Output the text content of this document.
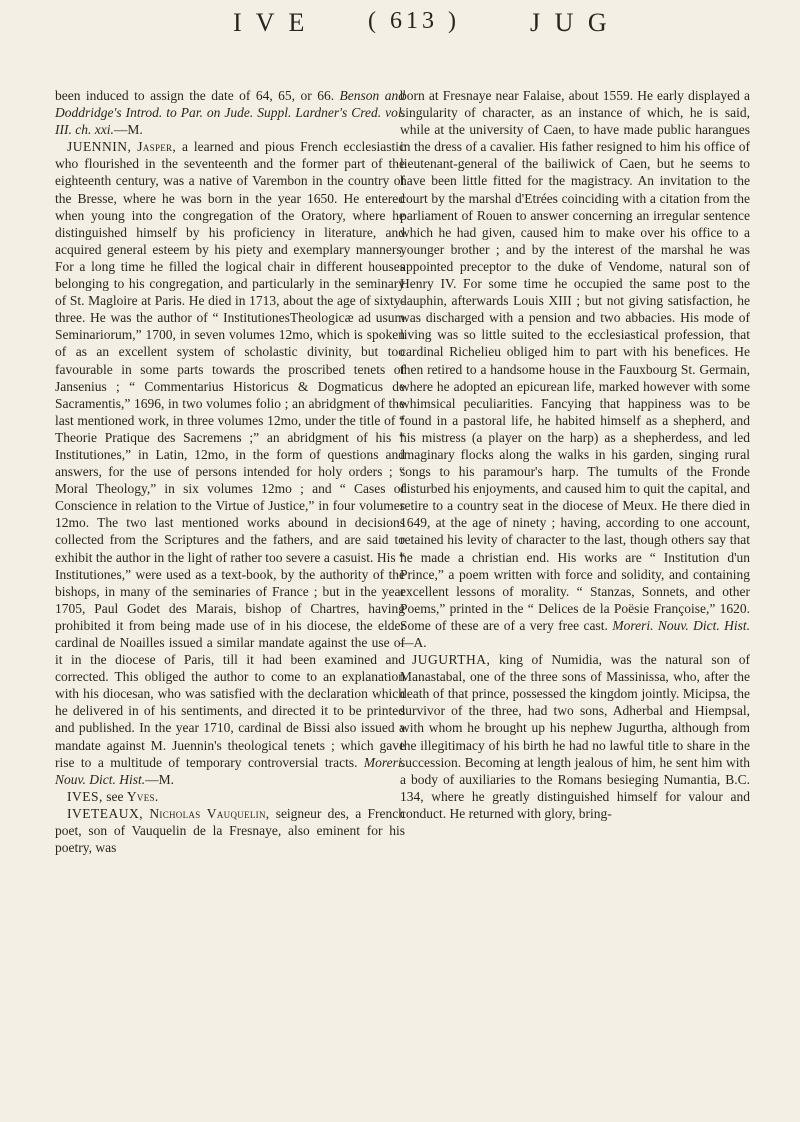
I V E ( 613 )	J U G

been induced to assign the date of 64, 65, or 66. Benson and Doddridge's Introd. to Par. on Jude. Suppl. Lardner's Cred. vol. III. ch. xxi.—M.

JUENNIN, Jasper, a learned and pious French ecclesiastic who flourished in the seventeenth and the former part of the eighteenth century, was a native of Varembon in the country of the Bresse, where he was born in the year 1650. He entered when young into the congregation of the Oratory, where he distinguished himself by his proficiency in literature, and acquired general esteem by his piety and exemplary manners. For a long time he filled the logical chair in different houses belonging to his congregation, and particularly in the seminary of St. Magloire at Paris. He died in 1713, about the age of sixty-three. He was the author of “ InstitutionesTheologicæ ad usum Seminariorum,” 1700, in seven volumes 12mo, which is spoken of as an excellent system of scholastic divinity, but too favourable in some parts towards the proscribed tenets of Jansenius ; “ Commentarius Historicus & Dogmaticus de Sacramentis,” 1696, in two volumes folio ; an abridgment of the last mentioned work, in three volumes 12mo, under the title of “ Theorie Pratique des Sacremens ;” an abridgment of his “ Institutiones,” in Latin, 12mo, in the form of questions and answers, for the use of persons intended for holy orders ; “ Moral Theology,” in six volumes 12mo ; and “ Cases of Conscience in relation to the Virtue of Justice,” in four volumes 12mo. The two last mentioned works abound in decisions collected from the Scriptures and the fathers, and are said to exhibit the author in the light of rather too severe a casuist. His “ Institutiones,” were used as a text-book, by the authority of the bishops, in many of the seminaries of France ; but in the year 1705, Paul Godet des Marais, bishop of Chartres, having prohibited it from being made use of in his diocese, the elder cardinal de Noailles issued a similar mandate against the use of it in the diocese of Paris, till it had been examined and corrected. This obliged the author to come to an explanation with his diocesan, who was satisfied with the declaration which he delivered in of his sentiments, and directed it to be printed and published. In the year 1710, cardinal de Bissi also issued a mandate against M. Juennin's theological tenets ; which gave rise to a multitude of temporary controversial tracts. Moreri. Nouv. Dict. Hist.—M.

IVES, see Yves.

IVETEAUX, Nicholas Vauquelin, seigneur des, a French poet, son of Vauquelin de la Fresnaye, also eminent for his poetry, was

born at Fresnaye near Falaise, about 1559. He early displayed a singularity of character, as an instance of which, he is said, while at the university of Caen, to have made public harangues in the dress of a cavalier. His father resigned to him his office of lieutenant-general of the bailiwick of Caen, but he seems to have been little fitted for the magistracy. An invitation to the court by the marshal d'Etrées coinciding with a citation from the parliament of Rouen to answer concerning an irregular sentence which he had given, caused him to make over his office to a younger brother ; and by the interest of the marshal he was appointed preceptor to the duke of Vendome, natural son of Henry IV. For some time he occupied the same post to the dauphin, afterwards Louis XIII ; but not giving satisfaction, he was discharged with a pension and two abbacies. His mode of living was so little suited to the ecclesiastical profession, that cardinal Richelieu obliged him to part with his benefices. He then retired to a handsome house in the Fauxbourg St. Germain, where he adopted an epicurean life, marked however with some whimsical peculiarities. Fancying that happiness was to be found in a pastoral life, he habited himself as a shepherd, and his mistress (a player on the harp) as a shepherdess, and led imaginary flocks along the walks in his garden, singing rural songs to his paramour's harp. The tumults of the Fronde disturbed his enjoyments, and caused him to quit the capital, and retire to a country seat in the diocese of Meux. He there died in 1649, at the age of ninety ; having, according to one account, retained his levity of character to the last, though others say that he made a christian end. His works are “ Institution d'un Prince,” a poem written with force and solidity, and containing excellent lessons of morality. “ Stanzas, Sonnets, and other Poems,” printed in the “ Delices de la Poësie Françoise,” 1620. Some of these are of a very free cast. Moreri. Nouv. Dict. Hist.—A.

JUGURTHA, king of Numidia, was the natural son of Manastabal, one of the three sons of Massinissa, who, after the death of that prince, possessed the kingdom jointly. Micipsa, the survivor of the three, had two sons, Adherbal and Hiempsal, with whom he brought up his nephew Jugurtha, although from the illegitimacy of his birth he had no lawful title to share in the succession. Becoming at length jealous of him, he sent him with a body of auxiliaries to the Romans besieging Numantia, B.C. 134, where he greatly distinguished himself for valour and conduct. He returned with glory, bring-
